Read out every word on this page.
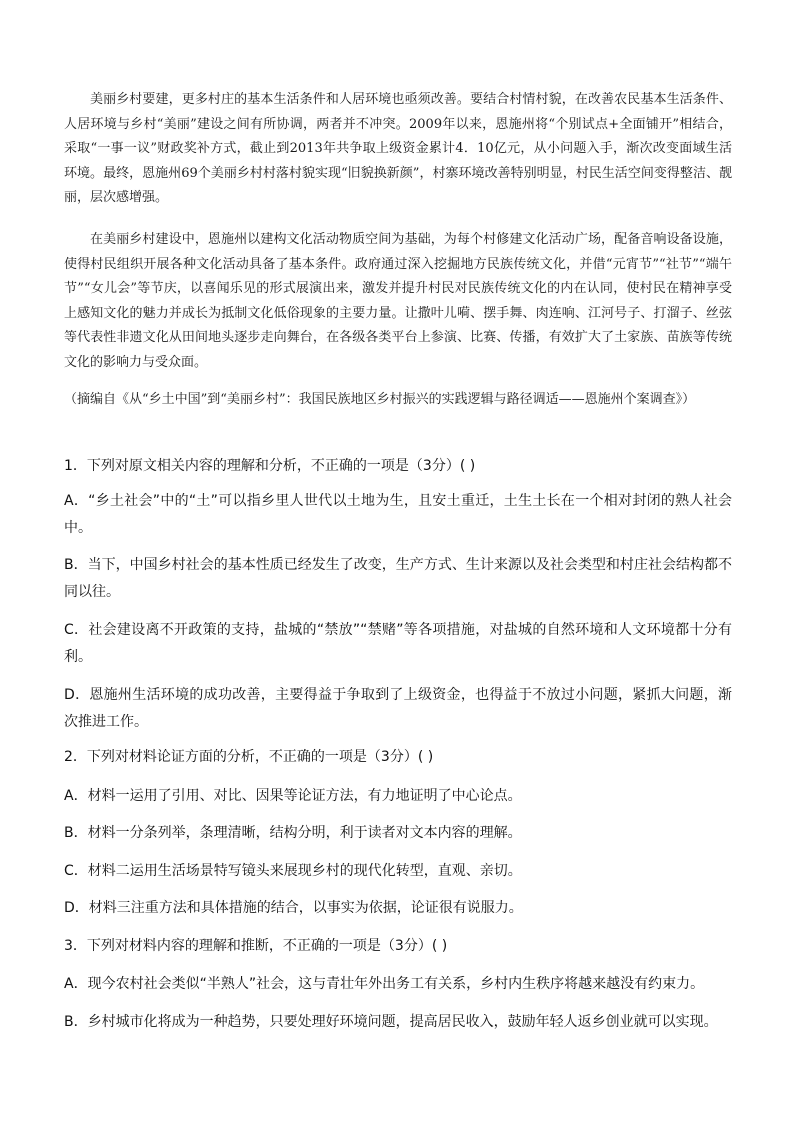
美丽乡村要建，更多村庄的基本生活条件和人居环境也亟须改善。要结合村情村貌，在改善农民基本生活条件、人居环境与乡村“美丽”建设之间有所协调，两者并不冲突。2009年以来，恩施州将“个别试点+全面铺开”相结合，采取“一事一议”财政奖补方式，截止到2013年共争取上级资金累计4．10亿元，从小问题入手，渐次改变面域生活环境。最终，恩施州69个美丽乡村村落村貌实现“旧貌换新颜”，村寨环境改善特别明显，村民生活空间变得整洁、靓丽，层次感增强。
在美丽乡村建设中，恩施州以建构文化活动物质空间为基础，为每个村修建文化活动广场，配备音响设备设施，使得村民组织开展各种文化活动具备了基本条件。政府通过深入挖掘地方民族传统文化，并借“元宵节”“社节”“端午节”“女儿会”等节庆，以喜闻乐见的形式展演出来，激发并提升村民对民族传统文化的内在认同，使村民在精神享受上感知文化的魅力并成长为抵制文化低俗现象的主要力量。让撒叶儿嗬、摆手舞、肉连响、江河号子、打溜子、丝弦等代表性非遗文化从田间地头逐步走向舞台，在各级各类平台上参演、比赛、传播，有效扩大了土家族、苗族等传统文化的影响力与受众面。
（摘编自《从“乡土中国”到“美丽乡村”：我国民族地区乡村振兴的实践逻辑与路径调适——恩施州个案调查》）
1．下列对原文相关内容的理解和分析，不正确的一项是（3分）( )
A．“乡土社会”中的“土”可以指乡里人世代以土地为生，且安土重迁，土生土长在一个相对封闭的熟人社会中。
B．当下，中国乡村社会的基本性质已经发生了改变，生产方式、生计来源以及社会类型和村庄社会结构都不同以往。
C．社会建设离不开政策的支持，盐城的“禁放”“禁赌”等各项措施，对盐城的自然环境和人文环境都十分有利。
D．恩施州生活环境的成功改善，主要得益于争取到了上级资金，也得益于不放过小问题，紧抓大问题，渐次推进工作。
2．下列对材料论证方面的分析，不正确的一项是（3分）( )
A．材料一运用了引用、对比、因果等论证方法，有力地证明了中心论点。
B．材料一分条列举，条理清晰，结构分明，利于读者对文本内容的理解。
C．材料二运用生活场景特写镜头来展现乡村的现代化转型，直观、亲切。
D．材料三注重方法和具体措施的结合，以事实为依据，论证很有说服力。
3．下列对材料内容的理解和推断，不正确的一项是（3分）( )
A．现今农村社会类似“半熟人”社会，这与青壮年外出务工有关系，乡村内生秩序将越来越没有约束力。
B．乡村城市化将成为一种趋势，只要处理好环境问题，提高居民收入，鼓励年轻人返乡创业就可以实现。
